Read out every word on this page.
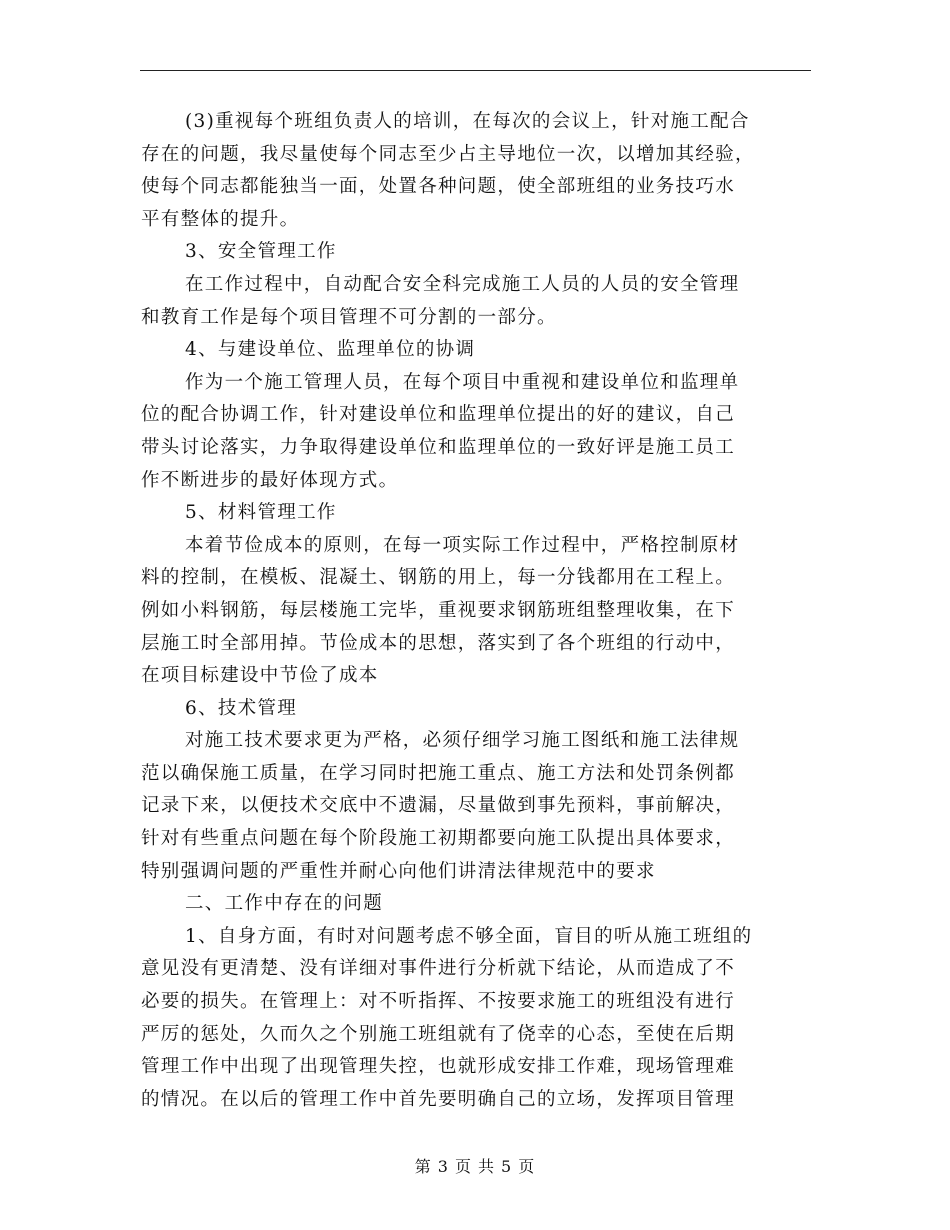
(3)重视每个班组负责人的培训，在每次的会议上，针对施工配合
存在的问题，我尽量使每个同志至少占主导地位一次，以增加其经验，
使每个同志都能独当一面，处置各种问题，使全部班组的业务技巧水
平有整体的提升。
3、安全管理工作
在工作过程中，自动配合安全科完成施工人员的人员的安全管理
和教育工作是每个项目管理不可分割的一部分。
4、与建设单位、监理单位的协调
作为一个施工管理人员，在每个项目中重视和建设单位和监理单
位的配合协调工作，针对建设单位和监理单位提出的好的建议，自己
带头讨论落实，力争取得建设单位和监理单位的一致好评是施工员工
作不断进步的最好体现方式。
5、材料管理工作
本着节俭成本的原则，在每一项实际工作过程中，严格控制原材
料的控制，在模板、混凝土、钢筋的用上，每一分钱都用在工程上。
例如小料钢筋，每层楼施工完毕，重视要求钢筋班组整理收集，在下
层施工时全部用掉。节俭成本的思想，落实到了各个班组的行动中，
在项目标建设中节俭了成本
6、技术管理
对施工技术要求更为严格，必须仔细学习施工图纸和施工法律规
范以确保施工质量，在学习同时把施工重点、施工方法和处罚条例都
记录下来，以便技术交底中不遗漏，尽量做到事先预料，事前解决，
针对有些重点问题在每个阶段施工初期都要向施工队提出具体要求，
特别强调问题的严重性并耐心向他们讲清法律规范中的要求
二、工作中存在的问题
1、自身方面，有时对问题考虑不够全面，盲目的听从施工班组的
意见没有更清楚、没有详细对事件进行分析就下结论，从而造成了不
必要的损失。在管理上：对不听指挥、不按要求施工的班组没有进行
严厉的惩处，久而久之个别施工班组就有了侥幸的心态，至使在后期
管理工作中出现了出现管理失控，也就形成安排工作难，现场管理难
的情况。在以后的管理工作中首先要明确自己的立场，发挥项目管理
第 3 页 共 5 页
